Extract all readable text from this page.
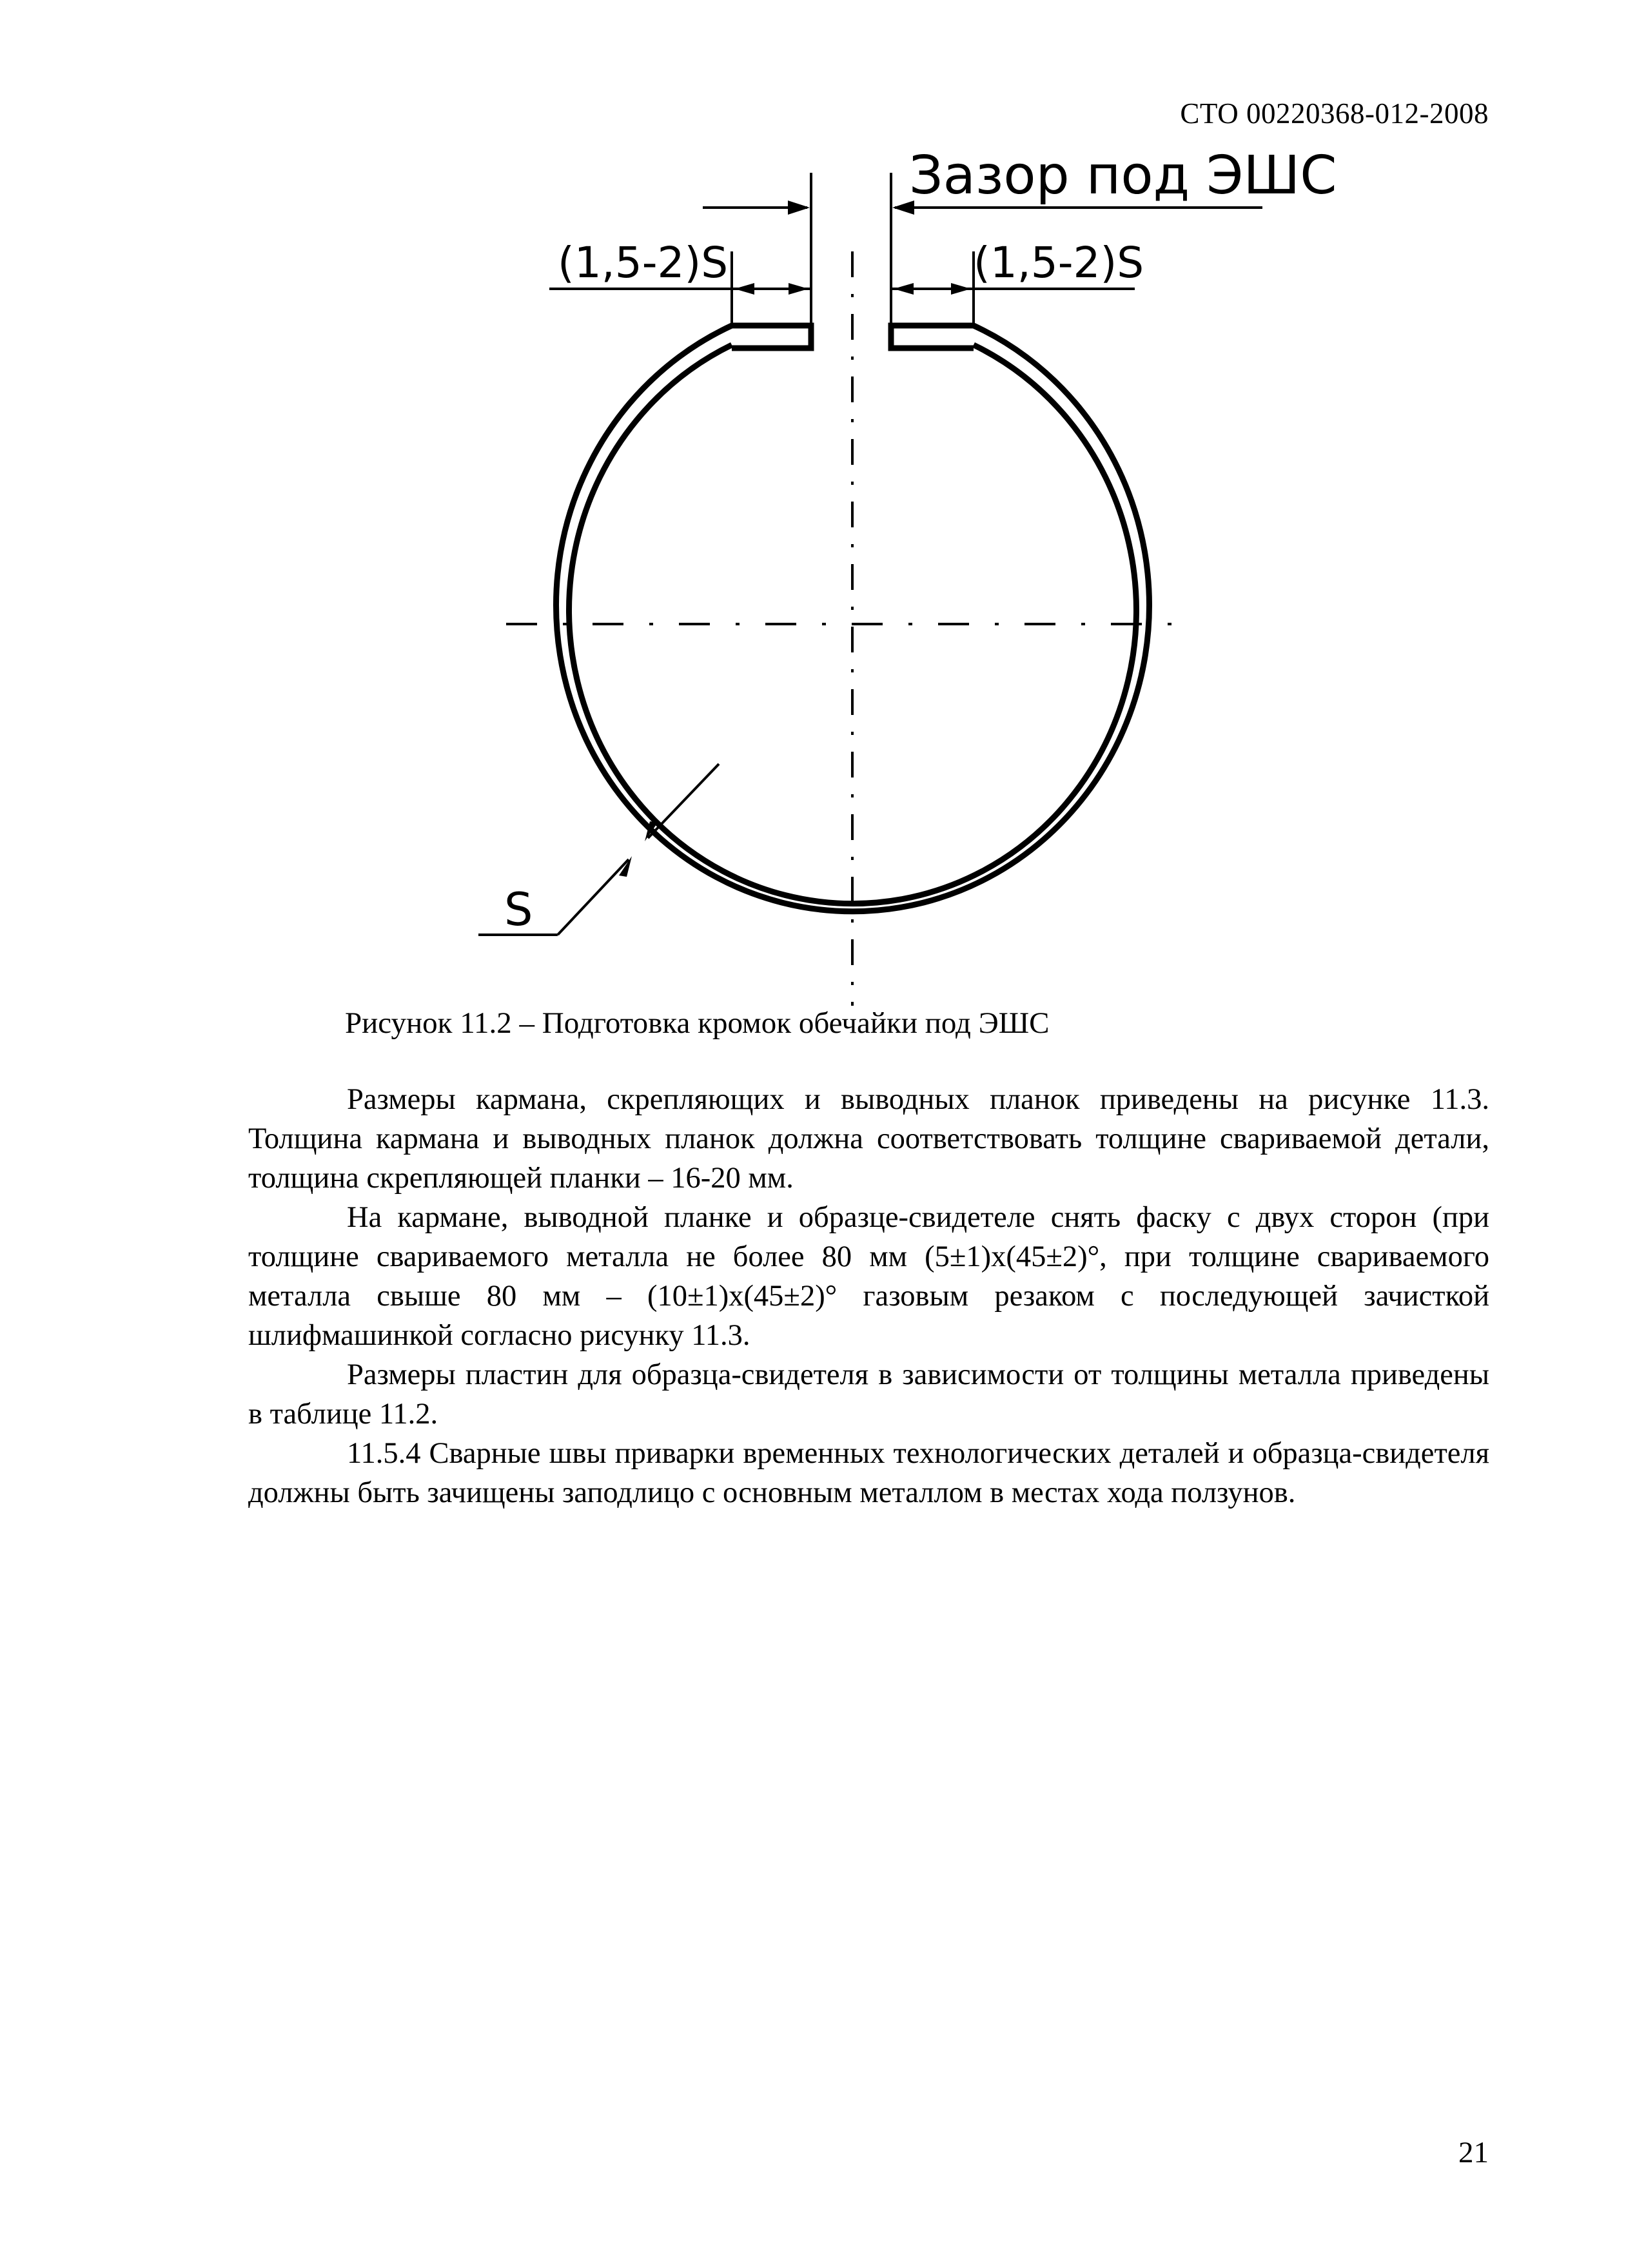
СТО 00220368-012-2008
Зазор под ЭШС
(1,5-2)S	(1,5-2)S
S
Рисунок 11.2 – Подготовка кромок обечайки под ЭШС

Размеры кармана, скрепляющих и выводных планок приведены на рисунке 11.3. Толщина кармана и выводных планок должна соответствовать толщине свариваемой детали, толщина скрепляющей планки – 16-20 мм.

На кармане, выводной планке и образце-свидетеле снять фаску с двух сторон (при толщине свариваемого металла не более 80 мм (5±1)х(45±2)°, при толщине свариваемого металла свыше 80 мм – (10±1)х(45±2)° газовым резаком с последующей зачисткой шлифмашинкой согласно рисунку 11.3.

Размеры пластин для образца-свидетеля в зависимости от толщины металла приведены в таблице 11.2.

11.5.4 Сварные швы приварки временных технологических деталей и образца-свидетеля должны быть зачищены заподлицо с основным металлом в местах хода ползунов.

21
